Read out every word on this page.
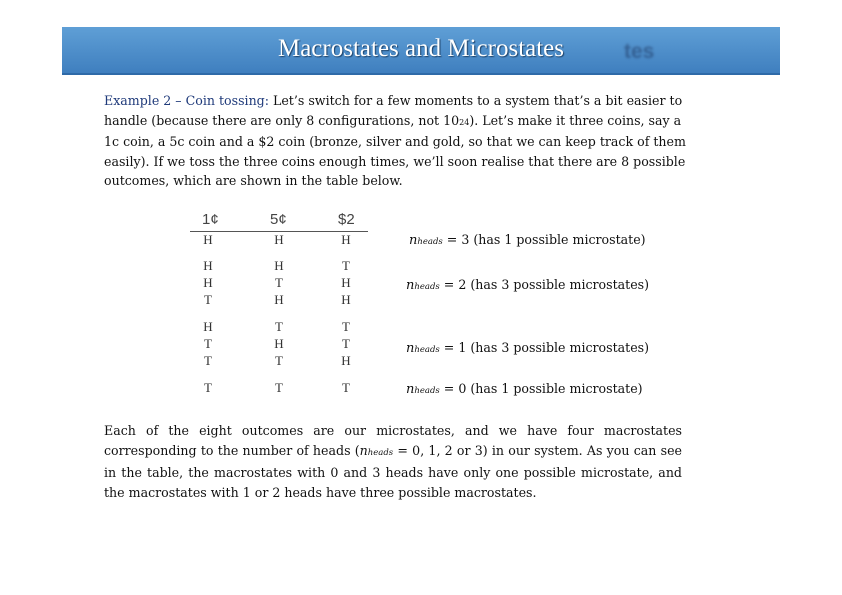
tes
Macrostates and Microstates
Example 2 – Coin tossing: Let’s switch for a few moments to a system that’s a bit easier to handle (because there are only 8 configurations, not 1024). Let’s make it three coins, say a 1c coin, a 5c coin and a $2 coin (bronze, silver and gold, so that we can keep track of them easily). If we toss the three coins enough times, we’ll soon realise that there are 8 possible outcomes, which are shown in the table below.
1¢	5¢	$2
H	H	H
H	H	T
H	T	H
T	H	H
H	T	T
T	H	T
T	T	H
T	T	T
nheads = 3 (has 1 possible microstate)
nheads = 2 (has 3 possible microstates)
nheads = 1 (has 3 possible microstates)
nheads = 0 (has 1 possible microstate)
Each of the eight outcomes are our microstates, and we have four macrostates corresponding to the number of heads (nheads = 0, 1, 2 or 3) in our system. As you can see in the table, the macrostates with 0 and 3 heads have only one possible microstate, and the macrostates with 1 or 2 heads have three possible macrostates.
